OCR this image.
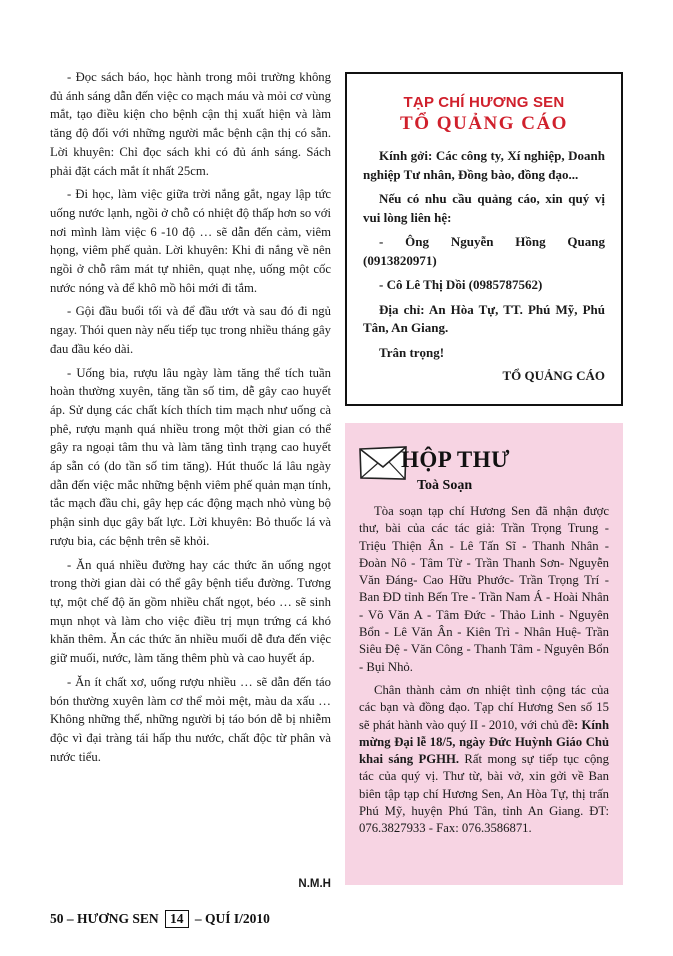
- Đọc sách báo, học hành trong môi trường không đủ ánh sáng dẫn đến việc co mạch máu và mỏi cơ vùng mắt, tạo điều kiện cho bệnh cận thị xuất hiện và làm tăng độ đối với những người mắc bệnh cận thị có sẵn. Lời khuyên: Chỉ đọc sách khi có đủ ánh sáng. Sách phải đặt cách mắt ít nhất 25cm.

- Đi học, làm việc giữa trời nắng gắt, ngay lập tức uống nước lạnh, ngồi ở chỗ có nhiệt độ thấp hơn so với nơi mình làm việc 6 -10 độ … sẽ dẫn đến cảm, viêm họng, viêm phế quản. Lời khuyên: Khi đi nắng về nên ngồi ở chỗ râm mát tự nhiên, quạt nhẹ, uống một cốc nước nóng và để khô mồ hôi mới đi tắm.

- Gội đầu buổi tối và để đầu ướt và sau đó đi ngủ ngay. Thói quen này nếu tiếp tục trong nhiều tháng gây đau đầu kéo dài.

- Uống bia, rượu lâu ngày làm tăng thể tích tuần hoàn thường xuyên, tăng tần số tim, dễ gây cao huyết áp. Sử dụng các chất kích thích tim mạch như uống cà phê, rượu mạnh quá nhiều trong một thời gian có thể gây ra ngoại tâm thu và làm tăng tình trạng cao huyết áp sẵn có (do tần số tim tăng). Hút thuốc lá lâu ngày dẫn đến việc mắc những bệnh viêm phế quản mạn tính, tắc mạch đầu chi, gây hẹp các động mạch nhỏ vùng bộ phận sinh dục gây bất lực. Lời khuyên: Bỏ thuốc lá và rượu bia, các bệnh trên sẽ khỏi.

- Ăn quá nhiều đường hay các thức ăn uống ngọt trong thời gian dài có thể gây bệnh tiểu đường. Tương tự, một chế độ ăn gồm nhiều chất ngọt, béo … sẽ sinh mụn nhọt và làm cho việc điều trị mụn trứng cá khó khăn thêm. Ăn các thức ăn nhiều muối dễ đưa đến việc giữ muối, nước, làm tăng thêm phù và cao huyết áp.

- Ăn ít chất xơ, uống rượu nhiều … sẽ dẫn đến táo bón thường xuyên làm cơ thể mỏi mệt, màu da xấu … Không những thế, những người bị táo bón dễ bị nhiễm độc vì đại tràng tái hấp thu nước, chất độc từ phân và nước tiểu.

N.M.H
TẠP CHÍ HƯƠNG SEN
TỔ QUẢNG CÁO

Kính gởi: Các công ty, Xí nghiệp, Doanh nghiệp Tư nhân, Đồng bào, đồng đạo...

Nếu có nhu cầu quảng cáo, xin quý vị vui lòng liên hệ:

- Ông Nguyễn Hồng Quang (0913820971)

- Cô Lê Thị Dồi (0985787562)

Địa chỉ: An Hòa Tự, TT. Phú Mỹ, Phú Tân, An Giang.

Trân trọng!

TỔ QUẢNG CÁO
HỘP THƯ
Toà Soạn

Tòa soạn tạp chí Hương Sen đã nhận được thư, bài của các tác giả: Trần Trọng Trung - Triệu Thiện Ân - Lê Tấn Sĩ - Thanh Nhân - Đoàn Nô - Tâm Từ - Trần Thanh Sơn- Nguyễn Văn Đáng- Cao Hữu Phước- Trần Trọng Trí - Ban ĐD tỉnh Bến Tre - Trần Nam Á - Hoài Nhân - Võ Văn A - Tâm Đức - Thảo Linh - Nguyên Bổn - Lê Văn Ân - Kiên Trì - Nhân Huệ- Trần Siêu Đệ - Văn Công - Thanh Tâm - Nguyên Bổn - Bụi Nhỏ.

Chân thành cảm ơn nhiệt tình cộng tác của các bạn và đồng đạo. Tạp chí Hương Sen số 15 sẽ phát hành vào quý II - 2010, với chủ đề: Kính mừng Đại lễ 18/5, ngày Đức Huỳnh Giáo Chủ khai sáng PGHH. Rất mong sự tiếp tục cộng tác của quý vị. Thư từ, bài vở, xin gởi về Ban biên tập tạp chí Hương Sen, An Hòa Tự, thị trấn Phú Mỹ, huyện Phú Tân, tỉnh An Giang. ĐT: 076.3827933 - Fax: 076.3586871.

50 – HƯƠNG SEN 14 – QUÍ I/2010
